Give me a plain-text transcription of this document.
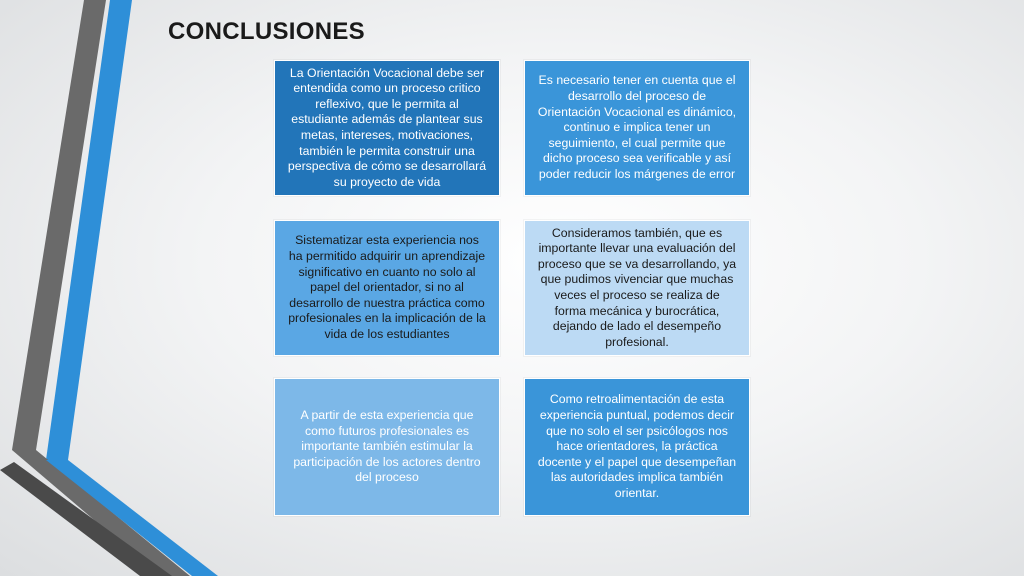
CONCLUSIONES
La Orientación Vocacional debe ser entendida como un proceso critico reflexivo, que le permita al estudiante además de plantear sus metas, intereses, motivaciones, también le permita construir una perspectiva de cómo se desarrollará su proyecto de vida
Es necesario tener en cuenta que el desarrollo del proceso de Orientación Vocacional es dinámico, continuo e implica tener un seguimiento, el cual permite que dicho proceso sea verificable y así poder reducir los márgenes de error
Sistematizar esta experiencia nos ha permitido adquirir un aprendizaje significativo en cuanto no solo al papel del orientador, si no al desarrollo de nuestra práctica como profesionales en la implicación de la vida de los estudiantes
Consideramos también, que es importante llevar una evaluación del proceso que se va desarrollando, ya que pudimos vivenciar que muchas veces el proceso se realiza de forma mecánica y burocrática, dejando de lado el desempeño profesional.
A partir de esta experiencia que como futuros profesionales es importante también estimular la participación de los actores dentro del proceso
Como retroalimentación de esta experiencia puntual, podemos decir que no solo el ser psicólogos nos hace orientadores, la práctica docente y el papel que desempeñan las autoridades implica también orientar.
